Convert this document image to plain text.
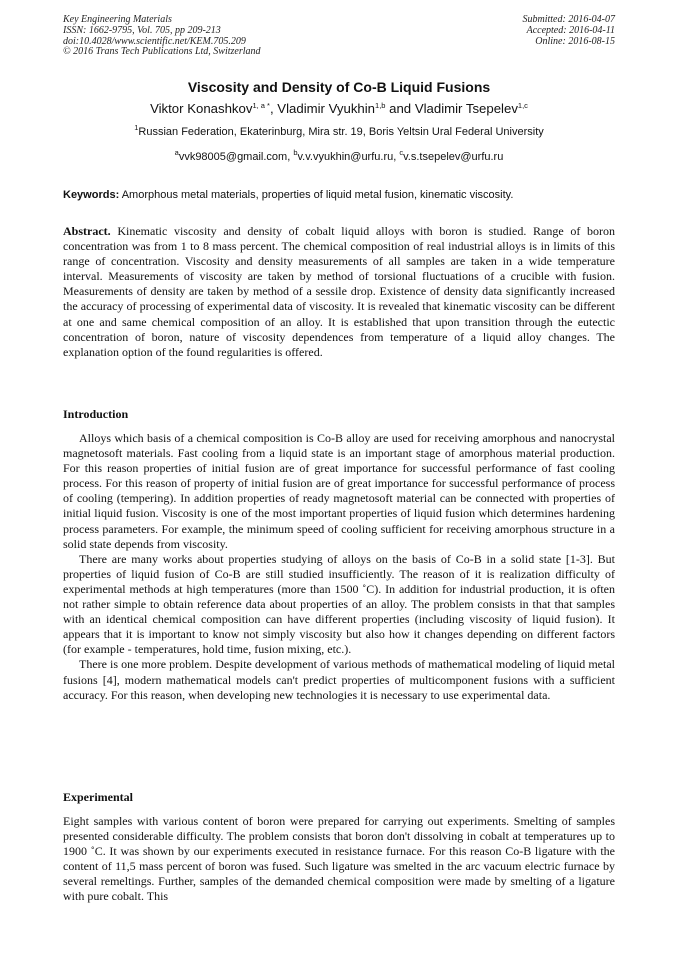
Key Engineering Materials
ISSN: 1662-9795, Vol. 705, pp 209-213
doi:10.4028/www.scientific.net/KEM.705.209
© 2016 Trans Tech Publications Ltd, Switzerland
Submitted: 2016-04-07
Accepted: 2016-04-11
Online: 2016-08-15
Viscosity and Density of Co-B Liquid Fusions
Viktor Konashkov$^{1, a *}$, Vladimir Vyukhin$^{1,b}$ and Vladimir Tsepelev$^{1,c}$
$^1$Russian Federation, Ekaterinburg, Mira str. 19, Boris Yeltsin Ural Federal University
$^a$vvk98005@gmail.com, $^b$v.v.vyukhin@urfu.ru, $^c$v.s.tsepelev@urfu.ru
Keywords: Amorphous metal materials, properties of liquid metal fusion, kinematic viscosity.

Abstract. Kinematic viscosity and density of cobalt liquid alloys with boron is studied. Range of boron concentration was from 1 to 8 mass percent. The chemical composition of real industrial alloys is in limits of this range of concentration. Viscosity and density measurements of all samples are taken in a wide temperature interval. Measurements of viscosity are taken by method of torsional fluctuations of a crucible with fusion. Measurements of density are taken by method of a sessile drop. Existence of density data significantly increased the accuracy of processing of experimental data of viscosity. It is revealed that kinematic viscosity can be different at one and same chemical composition of an alloy. It is established that upon transition through the eutectic concentration of boron, nature of viscosity dependences from temperature of a liquid alloy changes. The explanation option of the found regularities is offered.

Introduction

Alloys which basis of a chemical composition is Co-B alloy are used for receiving amorphous and nanocrystal magnetosoft materials. Fast cooling from a liquid state is an important stage of amorphous material production. For this reason properties of initial fusion are of great importance for successful performance of fast cooling process. For this reason of property of initial fusion are of great importance for successful performance of process of cooling (tempering). In addition properties of ready magnetosoft material can be connected with properties of initial liquid fusion. Viscosity is one of the most important properties of liquid fusion which determines hardening process parameters. For example, the minimum speed of cooling sufficient for receiving amorphous structure in a solid state depends from viscosity.

There are many works about properties studying of alloys on the basis of Co-B in a solid state [1-3]. But properties of liquid fusion of Co-B are still studied insufficiently. The reason of it is realization difficulty of experimental methods at high temperatures (more than 1500 ˚C). In addition for industrial production, it is often not rather simple to obtain reference data about properties of an alloy. The problem consists in that that samples with an identical chemical composition can have different properties (including viscosity of liquid fusion). It appears that it is important to know not simply viscosity but also how it changes depending on different factors (for example - temperatures, hold time, fusion mixing, etc.).

There is one more problem. Despite development of various methods of mathematical modeling of liquid metal fusions [4], modern mathematical models can't predict properties of multicomponent fusions with a sufficient accuracy. For this reason, when developing new technologies it is necessary to use experimental data.

Experimental

Eight samples with various content of boron were prepared for carrying out experiments. Smelting of samples presented considerable difficulty. The problem consists that boron don't dissolving in cobalt at temperatures up to 1900 ˚C. It was shown by our experiments executed in resistance furnace. For this reason Co-B ligature with the content of 11,5 mass percent of boron was fused. Such ligature was smelted in the arc vacuum electric furnace by several remeltings. Further, samples of the demanded chemical composition were made by smelting of a ligature with pure cobalt. This
